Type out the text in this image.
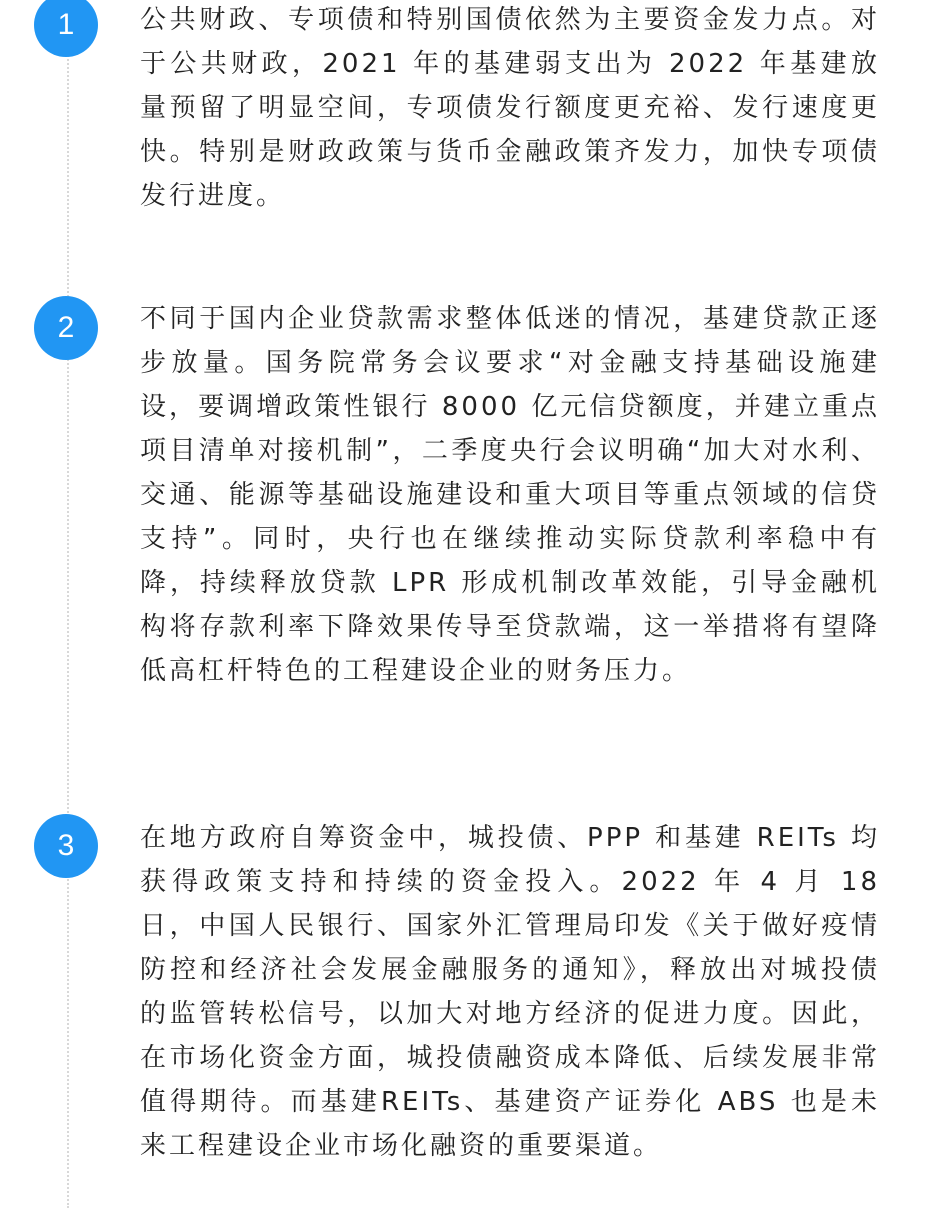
1	公共财政、专项债和特别国债依然为主要资金发力点。对于公共财政，2021 年的基建弱支出为 2022 年基建放量预留了明显空间，专项债发行额度更充裕、发行速度更快。特别是财政政策与货币金融政策齐发力，加快专项债发行进度。

2	不同于国内企业贷款需求整体低迷的情况，基建贷款正逐步放量。国务院常务会议要求“对金融支持基础设施建设，要调增政策性银行 8000 亿元信贷额度，并建立重点项目清单对接机制”，二季度央行会议明确“加大对水利、交通、能源等基础设施建设和重大项目等重点领域的信贷支持”。同时，央行也在继续推动实际贷款利率稳中有降，持续释放贷款 LPR 形成机制改革效能，引导金融机构将存款利率下降效果传导至贷款端，这一举措将有望降低高杠杆特色的工程建设企业的财务压力。

3	在地方政府自筹资金中，城投债、PPP 和基建 REITs 均获得政策支持和持续的资金投入。2022 年 4 月 18 日，中国人民银行、国家外汇管理局印发《关于做好疫情防控和经济社会发展金融服务的通知》，释放出对城投债的监管转松信号，以加大对地方经济的促进力度。因此，在市场化资金方面，城投债融资成本降低、后续发展非常值得期待。而基建REITs、基建资产证券化 ABS 也是未来工程建设企业市场化融资的重要渠道。
